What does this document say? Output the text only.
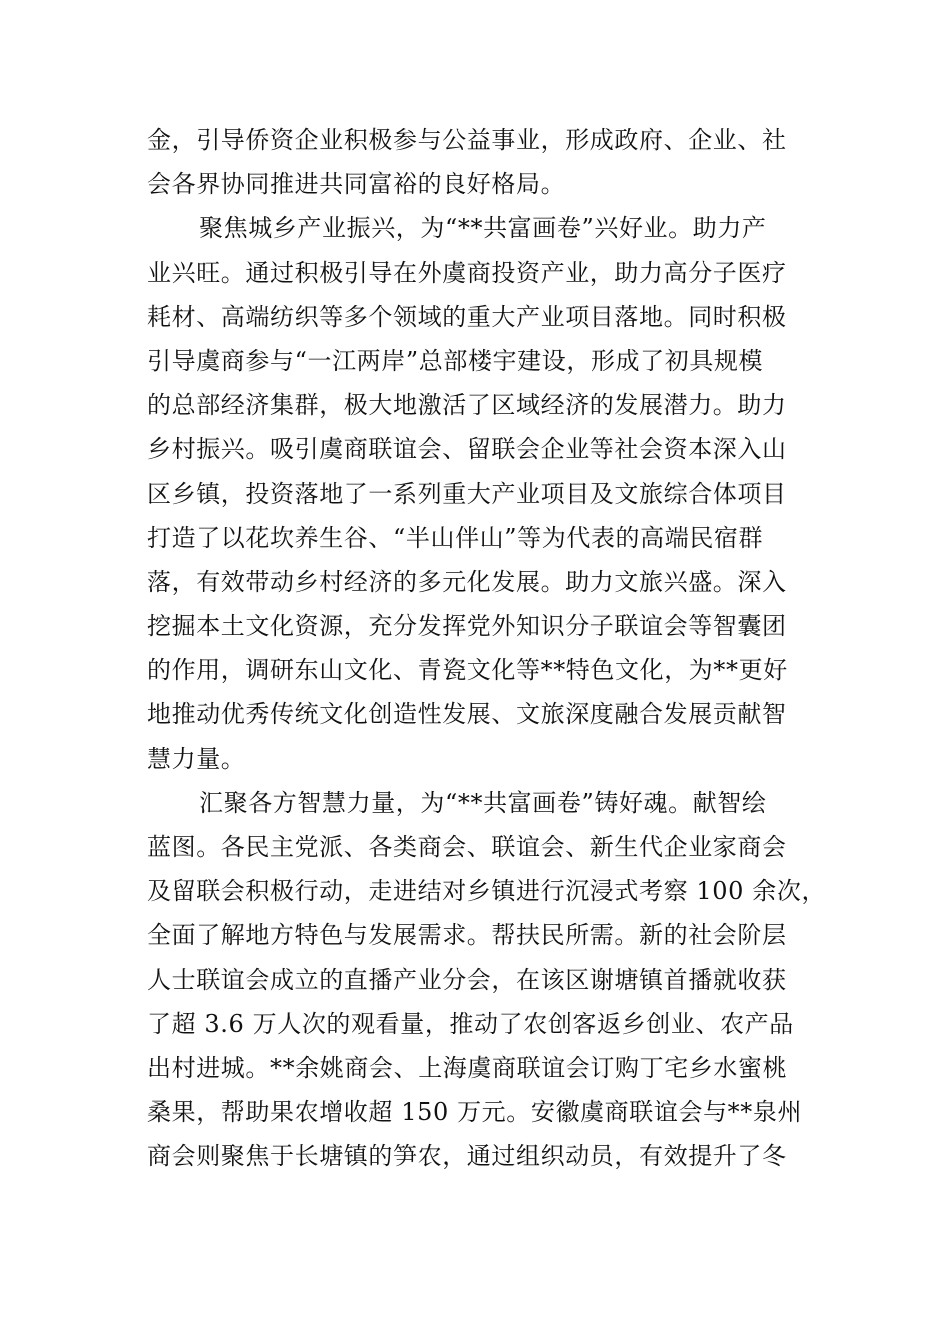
金，引导侨资企业积极参与公益事业，形成政府、企业、社
会各界协同推进共同富裕的良好格局。
聚焦城乡产业振兴，为“**共富画卷”兴好业。助力产
业兴旺。通过积极引导在外虞商投资产业，助力高分子医疗
耗材、高端纺织等多个领域的重大产业项目落地。同时积极
引导虞商参与“一江两岸”总部楼宇建设，形成了初具规模
的总部经济集群，极大地激活了区域经济的发展潜力。助力
乡村振兴。吸引虞商联谊会、留联会企业等社会资本深入山
区乡镇，投资落地了一系列重大产业项目及文旅综合体项目
打造了以花坎养生谷、“半山伴山”等为代表的高端民宿群
落，有效带动乡村经济的多元化发展。助力文旅兴盛。深入
挖掘本土文化资源，充分发挥党外知识分子联谊会等智囊团
的作用，调研东山文化、青瓷文化等**特色文化，为**更好
地推动优秀传统文化创造性发展、文旅深度融合发展贡献智
慧力量。
汇聚各方智慧力量，为“**共富画卷”铸好魂。献智绘
蓝图。各民主党派、各类商会、联谊会、新生代企业家商会
及留联会积极行动，走进结对乡镇进行沉浸式考察 100 余次，
全面了解地方特色与发展需求。帮扶民所需。新的社会阶层
人士联谊会成立的直播产业分会，在该区谢塘镇首播就收获
了超 3.6 万人次的观看量，推动了农创客返乡创业、农产品
出村进城。**余姚商会、上海虞商联谊会订购丁宅乡水蜜桃
桑果，帮助果农增收超 150 万元。安徽虞商联谊会与**泉州
商会则聚焦于长塘镇的笋农，通过组织动员，有效提升了冬
